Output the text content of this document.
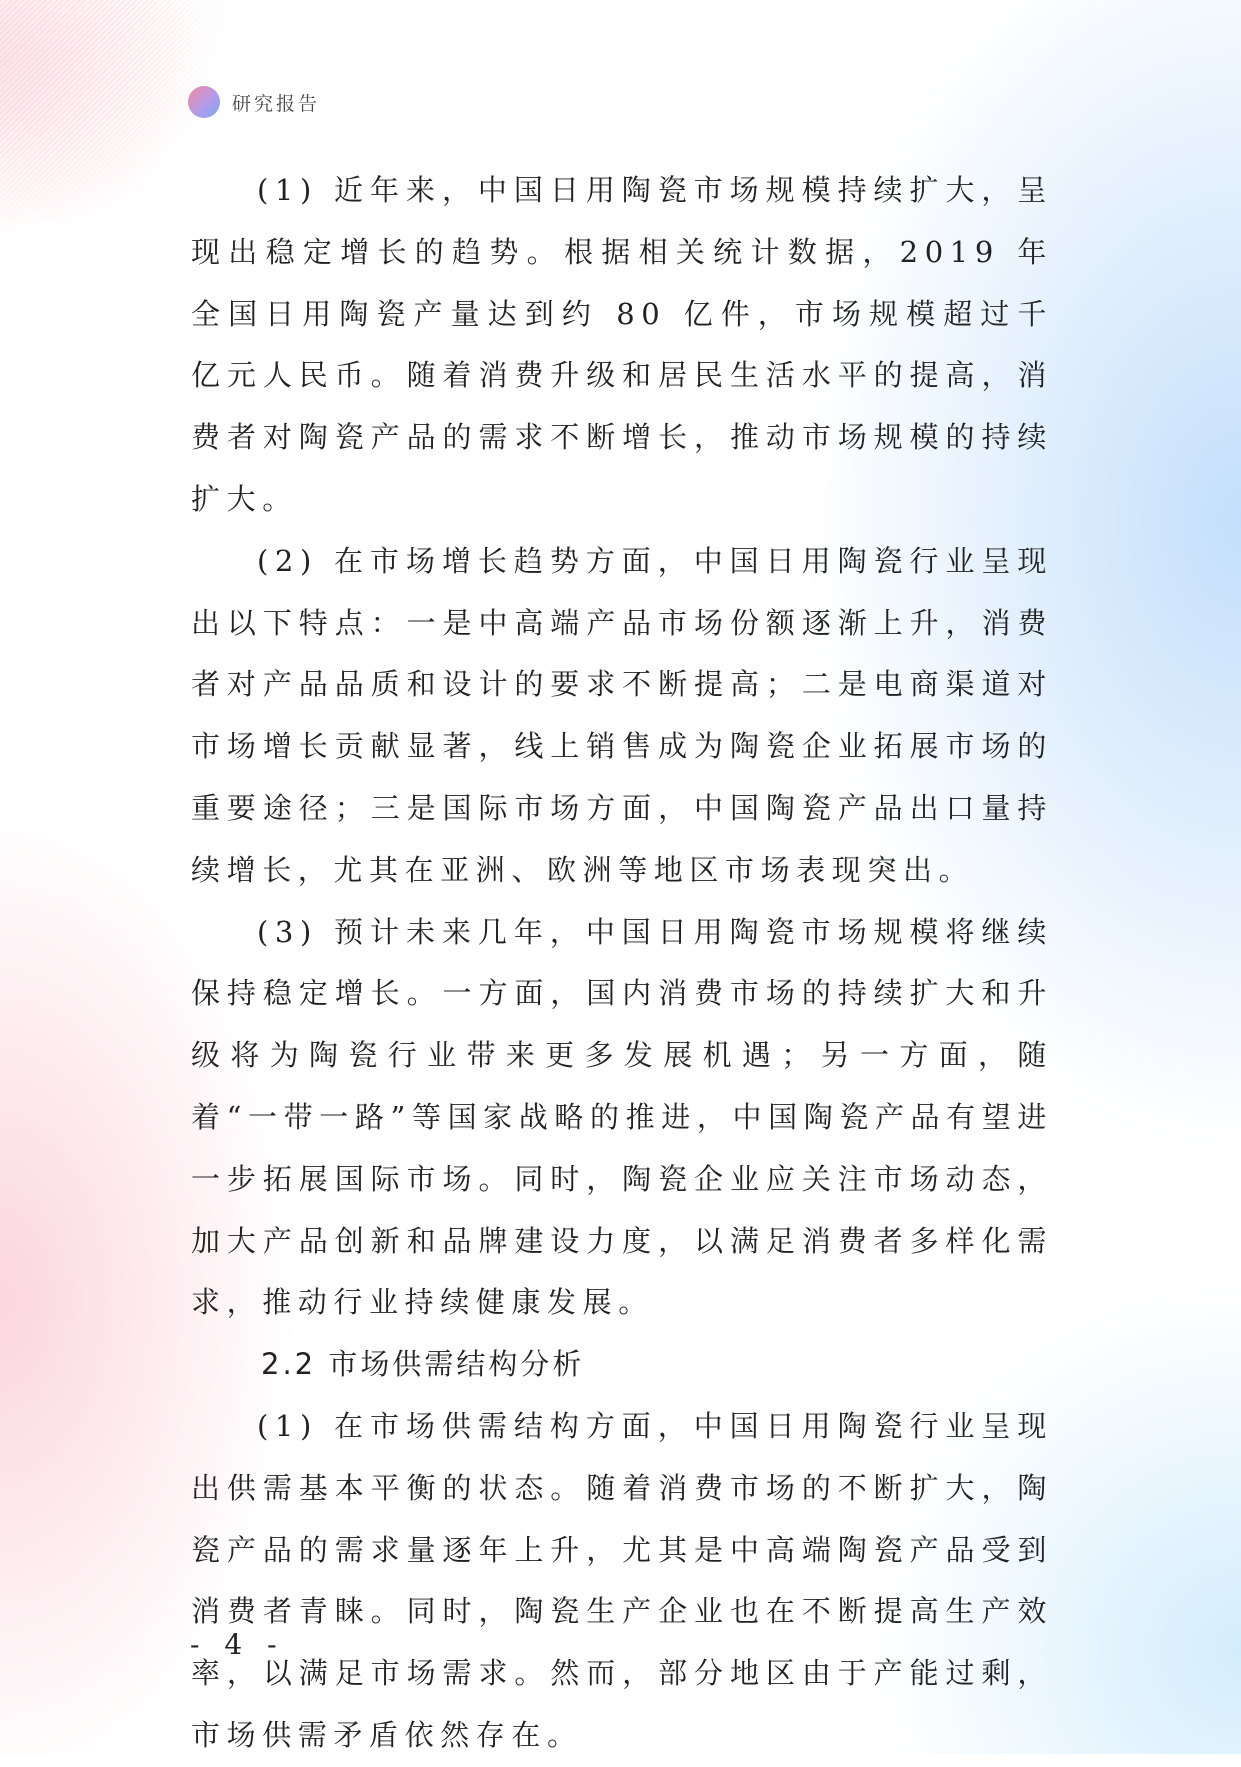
研究报告

(1) 近年来，中国日用陶瓷市场规模持续扩大，呈现出稳定增长的趋势。根据相关统计数据，2019 年全国日用陶瓷产量达到约 80 亿件，市场规模超过千亿元人民币。随着消费升级和居民生活水平的提高，消费者对陶瓷产品的需求不断增长，推动市场规模的持续扩大。

(2) 在市场增长趋势方面，中国日用陶瓷行业呈现出以下特点：一是中高端产品市场份额逐渐上升，消费者对产品品质和设计的要求不断提高；二是电商渠道对市场增长贡献显著，线上销售成为陶瓷企业拓展市场的重要途径；三是国际市场方面，中国陶瓷产品出口量持续增长，尤其在亚洲、欧洲等地区市场表现突出。

(3) 预计未来几年，中国日用陶瓷市场规模将继续保持稳定增长。一方面，国内消费市场的持续扩大和升级将为陶瓷行业带来更多发展机遇；另一方面，随着“一带一路”等国家战略的推进，中国陶瓷产品有望进一步拓展国际市场。同时，陶瓷企业应关注市场动态，加大产品创新和品牌建设力度，以满足消费者多样化需求，推动行业持续健康发展。

2.2 市场供需结构分析

(1) 在市场供需结构方面，中国日用陶瓷行业呈现出供需基本平衡的状态。随着消费市场的不断扩大，陶瓷产品的需求量逐年上升，尤其是中高端陶瓷产品受到消费者青睐。同时，陶瓷生产企业也在不断提高生产效率，以满足市场需求。然而，部分地区由于产能过剩，市场供需矛盾依然存在。

- 4 -
